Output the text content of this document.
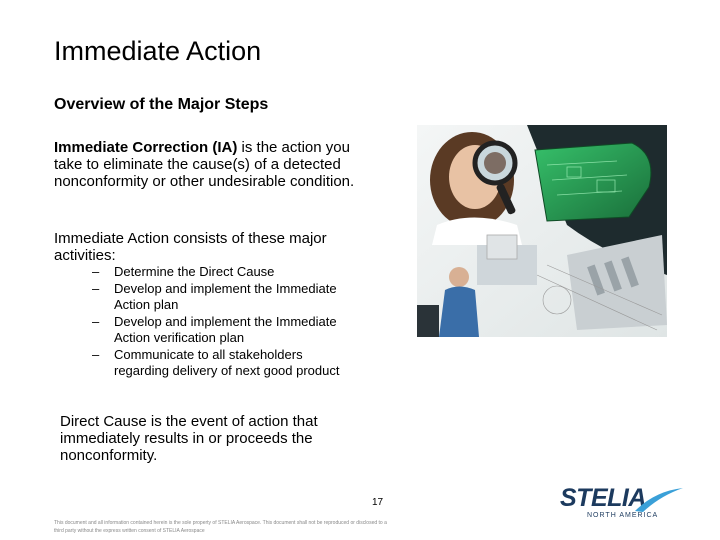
Immediate Action
Overview of the Major Steps

Immediate Correction (IA) is the action you take to eliminate the cause(s) of a detected nonconformity or other undesirable condition.

Immediate Action consists of these major activities:

– Determine the Direct Cause
– Develop and implement the Immediate Action plan
– Develop and implement the Immediate Action verification plan
– Communicate to all stakeholders regarding delivery of next good product

Direct Cause is the event of action that immediately results in or proceeds the nonconformity.

17
This document and all information contained herein is the sole property of STELIA Aerospace. This document shall not be reproduced or disclosed to a third party without the express written consent of STELIA Aerospace
STELIA
NORTH AMERICA
